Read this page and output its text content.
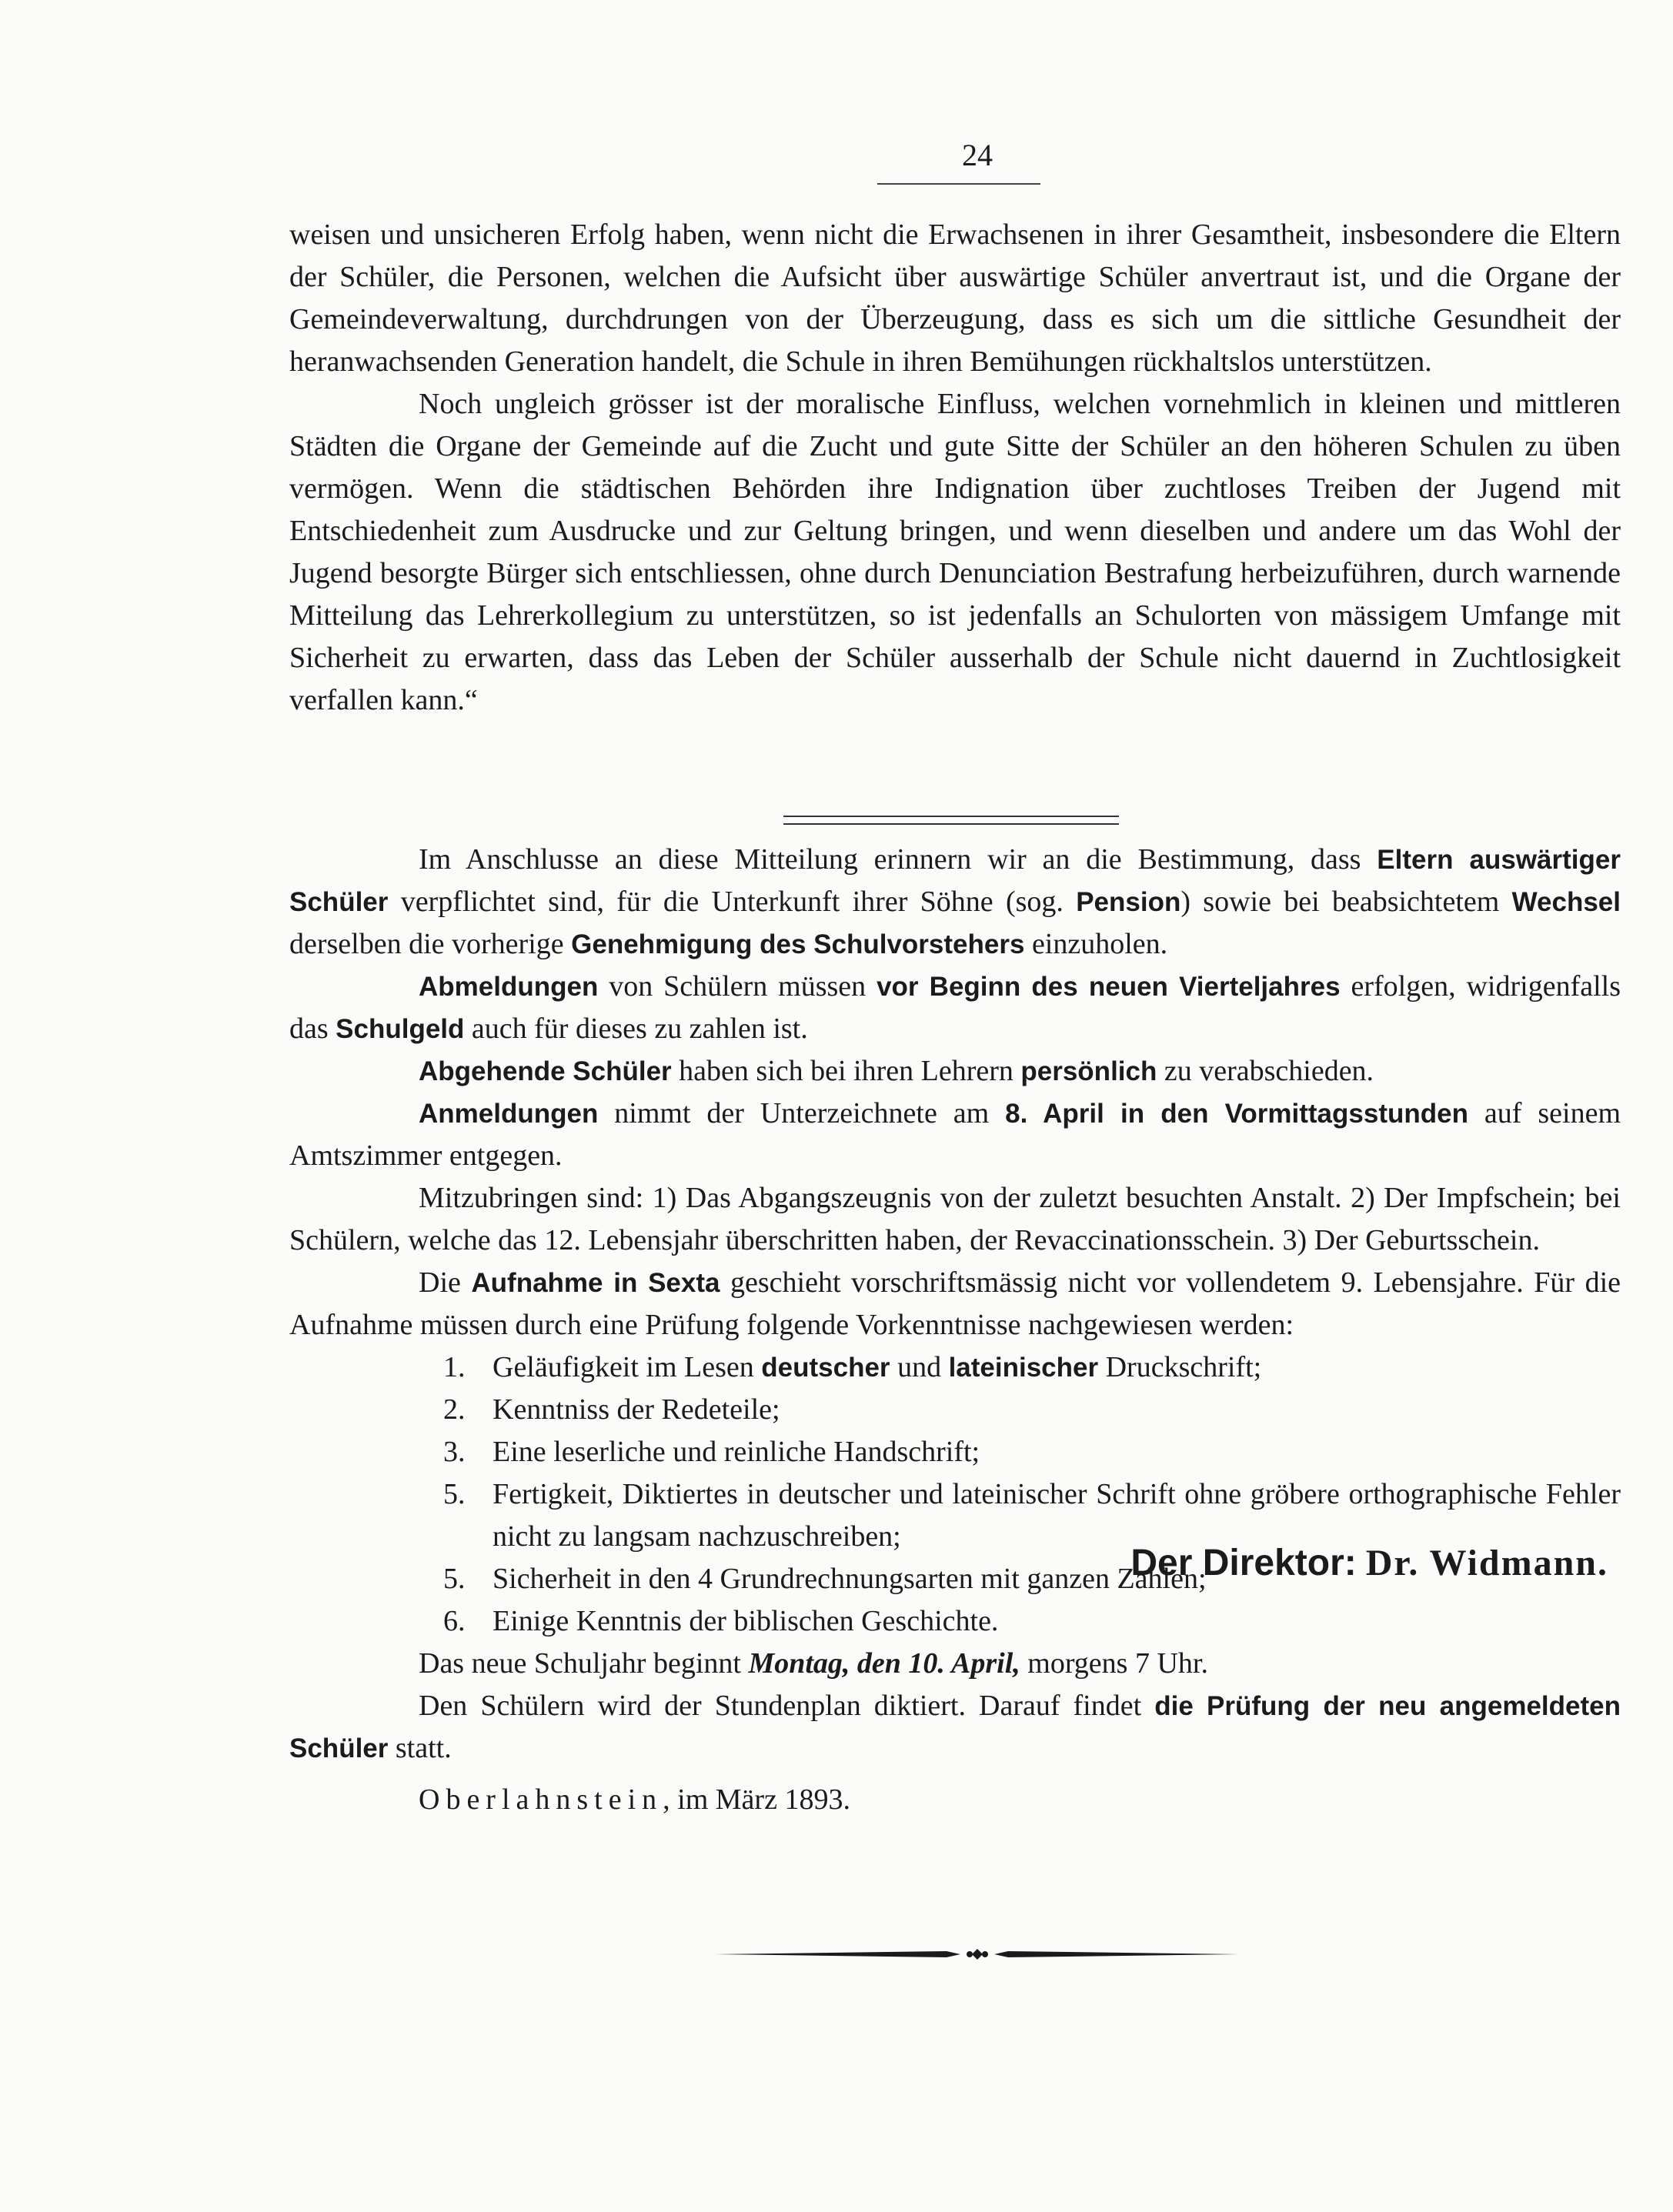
24

weisen und unsicheren Erfolg haben, wenn nicht die Erwachsenen in ihrer Gesamtheit, insbesondere die Eltern der Schüler, die Personen, welchen die Aufsicht über auswärtige Schüler anvertraut ist, und die Organe der Gemeindeverwaltung, durchdrungen von der Überzeugung, dass es sich um die sittliche Gesundheit der heranwachsenden Generation handelt, die Schule in ihren Bemühungen rückhaltslos unterstützen.

Noch ungleich grösser ist der moralische Einfluss, welchen vornehmlich in kleinen und mittleren Städten die Organe der Gemeinde auf die Zucht und gute Sitte der Schüler an den höheren Schulen zu üben vermögen. Wenn die städtischen Behörden ihre Indignation über zuchtloses Treiben der Jugend mit Entschiedenheit zum Ausdrucke und zur Geltung bringen, und wenn dieselben und andere um das Wohl der Jugend besorgte Bürger sich entschliessen, ohne durch Denunciation Bestrafung herbeizuführen, durch warnende Mitteilung das Lehrerkollegium zu unterstützen, so ist jedenfalls an Schulorten von mässigem Umfange mit Sicherheit zu erwarten, dass das Leben der Schüler ausserhalb der Schule nicht dauernd in Zuchtlosigkeit verfallen kann.“

Im Anschlusse an diese Mitteilung erinnern wir an die Bestimmung, dass Eltern auswärtiger Schüler verpflichtet sind, für die Unterkunft ihrer Söhne (sog. Pension) sowie bei beabsichtetem Wechsel derselben die vorherige Genehmigung des Schulvorstehers einzuholen.

Abmeldungen von Schülern müssen vor Beginn des neuen Vierteljahres erfolgen, widrigenfalls das Schulgeld auch für dieses zu zahlen ist.

Abgehende Schüler haben sich bei ihren Lehrern persönlich zu verabschieden.

Anmeldungen nimmt der Unterzeichnete am 8. April in den Vormittagsstunden auf seinem Amtszimmer entgegen.

Mitzubringen sind: 1) Das Abgangszeugnis von der zuletzt besuchten Anstalt. 2) Der Impfschein; bei Schülern, welche das 12. Lebensjahr überschritten haben, der Revaccinationsschein. 3) Der Geburtsschein.

Die Aufnahme in Sexta geschieht vorschriftsmässig nicht vor vollendetem 9. Lebensjahre. Für die Aufnahme müssen durch eine Prüfung folgende Vorkenntnisse nachgewiesen werden:

1. Geläufigkeit im Lesen deutscher und lateinischer Druckschrift;
2. Kenntniss der Redeteile;
3. Eine leserliche und reinliche Handschrift;
5. Fertigkeit, Diktiertes in deutscher und lateinischer Schrift ohne gröbere orthographische Fehler nicht zu langsam nachzuschreiben;
5. Sicherheit in den 4 Grundrechnungsarten mit ganzen Zahlen;
6. Einige Kenntnis der biblischen Geschichte.

Das neue Schuljahr beginnt Montag, den 10. April, morgens 7 Uhr.

Den Schülern wird der Stundenplan diktiert. Darauf findet die Prüfung der neu angemeldeten Schüler statt.

Oberlahnstein, im März 1893.

Der Direktor: Dr. Widmann.
